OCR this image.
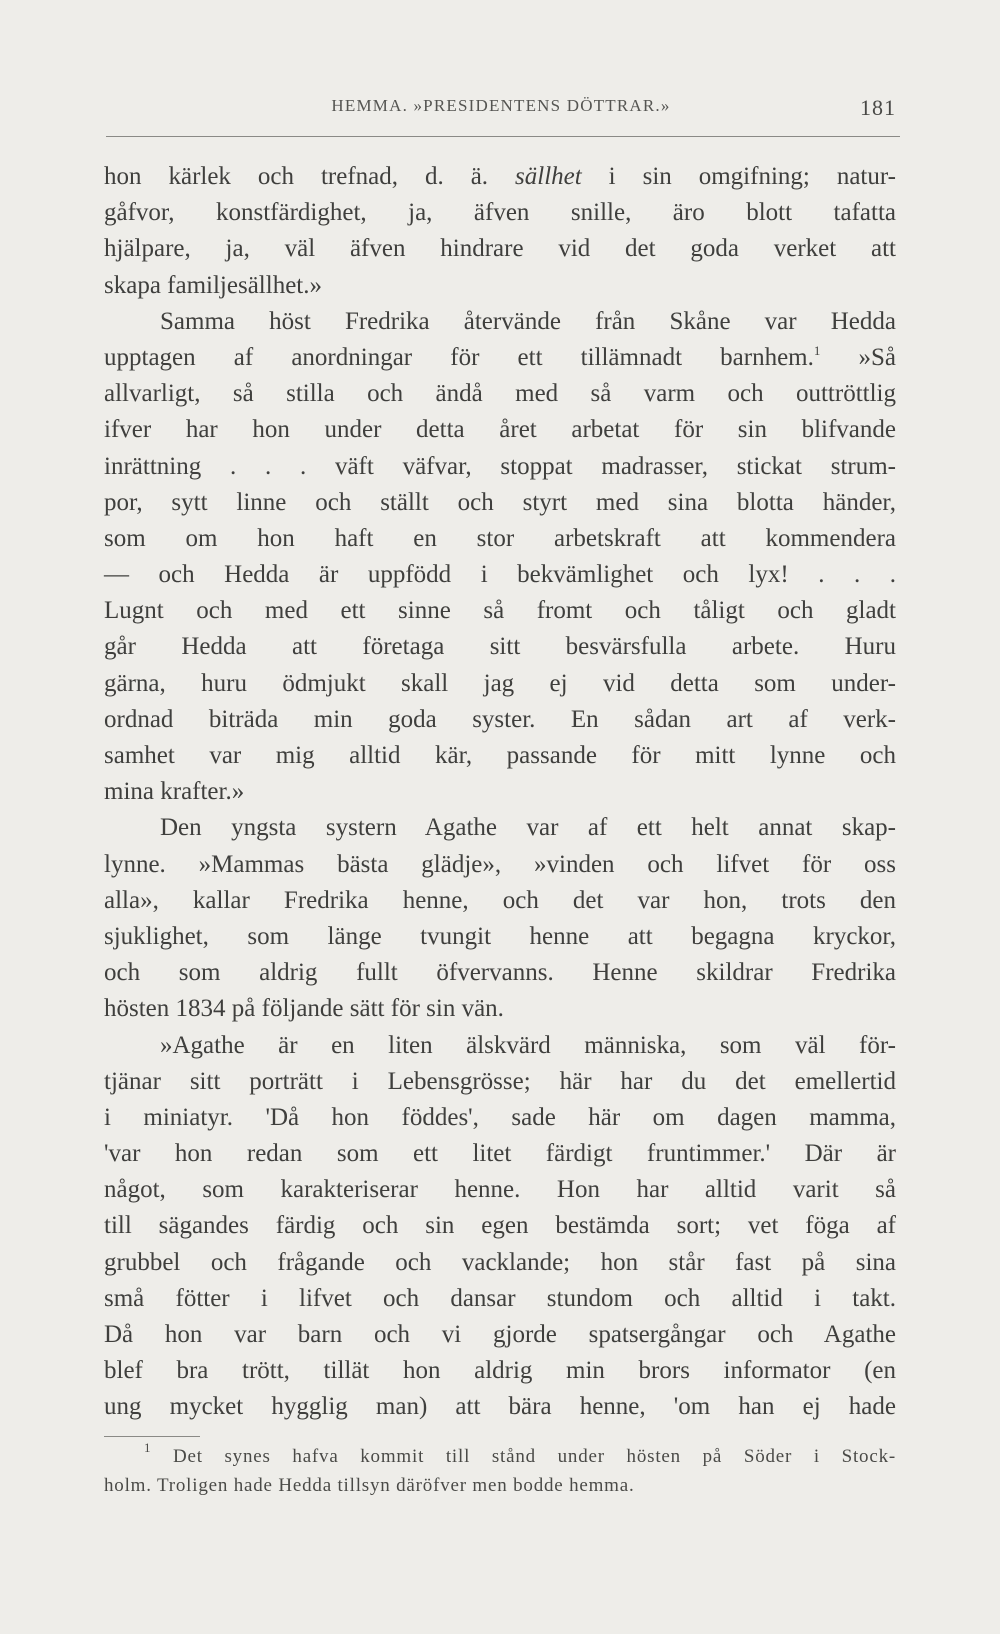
HEMMA. »PRESIDENTENS DÖTTRAR.»	181
hon kärlek och trefnad, d. ä. sällhet i sin omgifning; natur-
gåfvor, konstfärdighet, ja, äfven snille, äro blott tafatta
hjälpare, ja, väl äfven hindrare vid det goda verket att
skapa familjesällhet.»
Samma höst Fredrika återvände från Skåne var Hedda
upptagen af anordningar för ett tillämnadt barnhem.$^1$ »Så
allvarligt, så stilla och ändå med så varm och outtröttlig
ifver har hon under detta året arbetat för sin blifvande
inrättning . . . väft väfvar, stoppat madrasser, stickat strum-
por, sytt linne och ställt och styrt med sina blotta händer,
som om hon haft en stor arbetskraft att kommendera
— och Hedda är uppfödd i bekvämlighet och lyx! . . .
Lugnt och med ett sinne så fromt och tåligt och gladt
går Hedda att företaga sitt besvärsfulla arbete. Huru
gärna, huru ödmjukt skall jag ej vid detta som under-
ordnad biträda min goda syster. En sådan art af verk-
samhet var mig alltid kär, passande för mitt lynne och
mina krafter.»
Den yngsta systern Agathe var af ett helt annat skap-
lynne. »Mammas bästa glädje», »vinden och lifvet för oss
alla», kallar Fredrika henne, och det var hon, trots den
sjuklighet, som länge tvungit henne att begagna kryckor,
och som aldrig fullt öfvervanns. Henne skildrar Fredrika
hösten 1834 på följande sätt för sin vän.
»Agathe är en liten älskvärd människa, som väl för-
tjänar sitt porträtt i Lebensgrösse; här har du det emellertid
i miniatyr. 'Då hon föddes', sade här om dagen mamma,
'var hon redan som ett litet färdigt fruntimmer.' Där är
något, som karakteriserar henne. Hon har alltid varit så
till sägandes färdig och sin egen bestämda sort; vet föga af
grubbel och frågande och vacklande; hon står fast på sina
små fötter i lifvet och dansar stundom och alltid i takt.
Då hon var barn och vi gjorde spatsergångar och Agathe
blef bra trött, tillät hon aldrig min brors informator (en
ung mycket hygglig man) att bära henne, 'om han ej hade
$^1$ Det synes hafva kommit till stånd under hösten på Söder i Stock-
holm. Troligen hade Hedda tillsyn däröfver men bodde hemma.
